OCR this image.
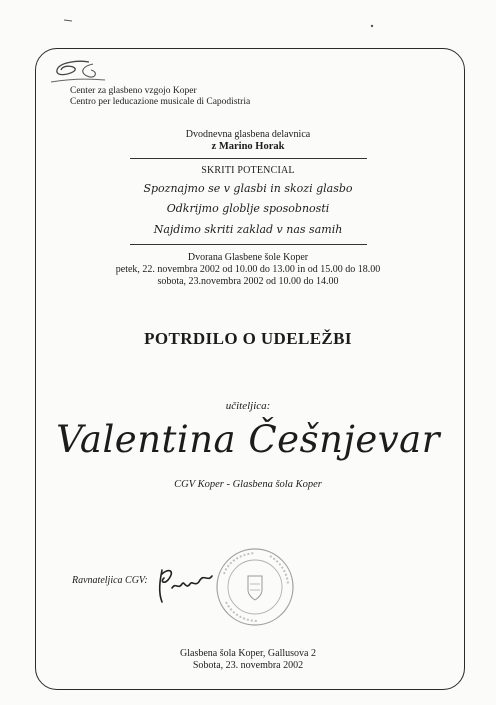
Center za glasbeno vzgojo Koper
Centro per leducazione musicale di Capodistria
Dvodnevna glasbena delavnica
z Marino Horak
SKRITI POTENCIAL
Spoznajmo se v glasbi in skozi glasbo
Odkrijmo globlje sposobnosti
Najdimo skriti zaklad v nas samih
Dvorana Glasbene šole Koper
petek, 22. novembra 2002 od 10.00 do 13.00 in od 15.00 do 18.00
sobota, 23.novembra 2002 od 10.00 do 14.00
POTRDILO O UDELEŽBI
učiteljica:
Valentina Češnjevar
CGV Koper - Glasbena šola Koper
Ravnateljica CGV:
Glasbena šola Koper, Gallusova 2
Sobota, 23. novembra 2002
